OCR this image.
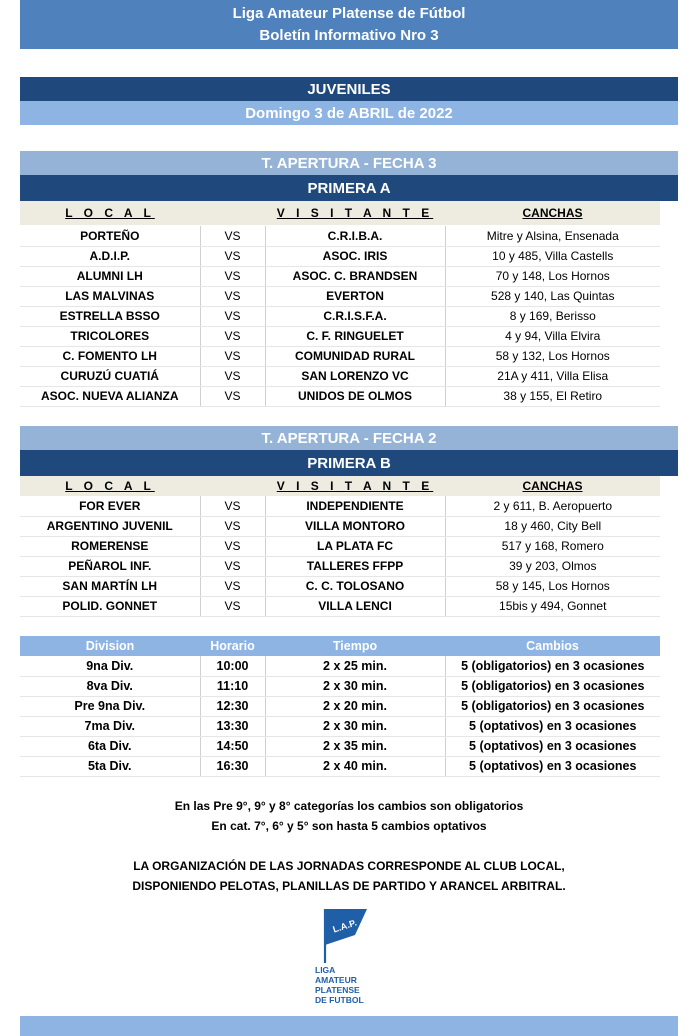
Liga Amateur Platense de Fútbol
Boletín Informativo Nro 3
JUVENILES
Domingo 3 de ABRIL de 2022
T. APERTURA - FECHA 3
PRIMERA A
L O C A L	V I S I T A N T E	CANCHAS
PORTEÑO	VS	C.R.I.B.A.	Mitre y Alsina, Ensenada
A.D.I.P.	VS	ASOC. IRIS	10 y 485, Villa Castells
ALUMNI LH	VS	ASOC. C. BRANDSEN	70 y 148, Los Hornos
LAS MALVINAS	VS	EVERTON	528 y 140, Las Quintas
ESTRELLA BSSO	VS	C.R.I.S.F.A.	8 y 169, Berisso
TRICOLORES	VS	C. F. RINGUELET	4 y 94, Villa Elvira
C. FOMENTO LH	VS	COMUNIDAD RURAL	58 y 132, Los Hornos
CURUZÚ CUATIÁ	VS	SAN LORENZO VC	21A y 411, Villa Elisa
ASOC. NUEVA ALIANZA	VS	UNIDOS DE OLMOS	38 y 155, El Retiro
T. APERTURA - FECHA 2
PRIMERA B
L O C A L	V I S I T A N T E	CANCHAS
FOR EVER	VS	INDEPENDIENTE	2 y 611, B. Aeropuerto
ARGENTINO JUVENIL	VS	VILLA MONTORO	18 y 460, City Bell
ROMERENSE	VS	LA PLATA FC	517 y 168, Romero
PEÑAROL INF.	VS	TALLERES FFPP	39 y 203, Olmos
SAN MARTÍN LH	VS	C. C. TOLOSANO	58 y 145, Los Hornos
POLID. GONNET	VS	VILLA LENCI	15bis y 494, Gonnet
Division	Horario	Tiempo	Cambios
9na Div.	10:00	2 x 25 min.	5 (obligatorios) en 3 ocasiones
8va Div.	11:10	2 x 30 min.	5 (obligatorios) en 3 ocasiones
Pre 9na Div.	12:30	2 x 20 min.	5 (obligatorios) en 3 ocasiones
7ma Div.	13:30	2 x 30 min.	5 (optativos) en 3 ocasiones
6ta Div.	14:50	2 x 35 min.	5 (optativos) en 3 ocasiones
5ta Div.	16:30	2 x 40 min.	5 (optativos) en 3 ocasiones
En las Pre 9°, 9° y 8° categorías los cambios son obligatorios
En cat. 7°, 6° y 5° son hasta 5 cambios optativos
LA ORGANIZACIÓN DE LAS JORNADAS CORRESPONDE AL CLUB LOCAL,
DISPONIENDO PELOTAS, PLANILLAS DE PARTIDO Y ARANCEL ARBITRAL.
L.A.P.
LIGA
AMATEUR
PLATENSE
DE FUTBOL
